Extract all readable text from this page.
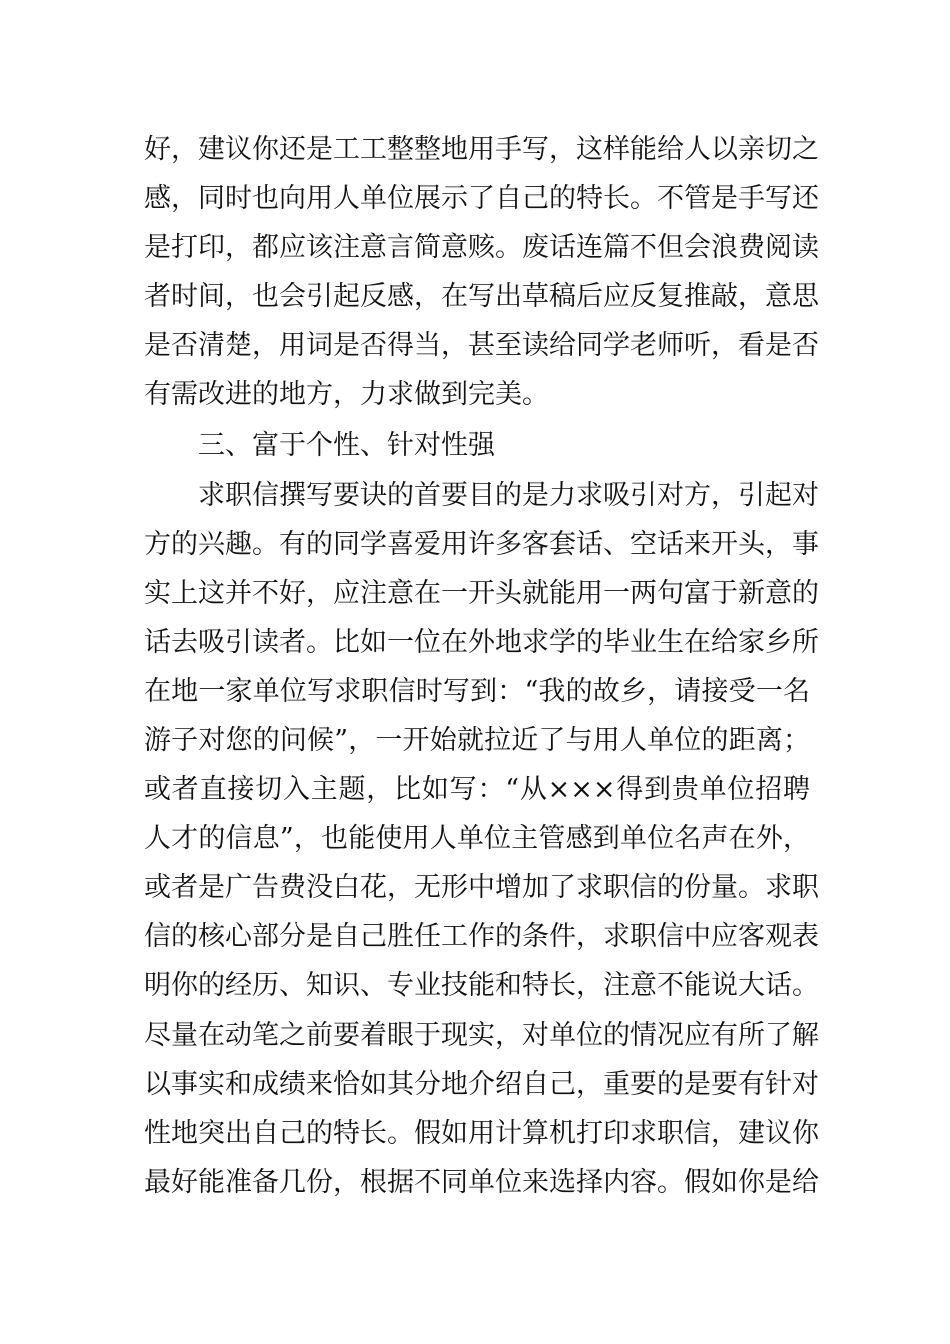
好，建议你还是工工整整地用手写，这样能给人以亲切之
感，同时也向用人单位展示了自己的特长。不管是手写还
是打印，都应该注意言简意赅。废话连篇不但会浪费阅读
者时间，也会引起反感，在写出草稿后应反复推敲，意思
是否清楚，用词是否得当，甚至读给同学老师听，看是否
有需改进的地方，力求做到完美。
三、富于个性、针对性强
求职信撰写要诀的首要目的是力求吸引对方，引起对
方的兴趣。有的同学喜爱用许多客套话、空话来开头，事
实上这并不好，应注意在一开头就能用一两句富于新意的
话去吸引读者。比如一位在外地求学的毕业生在给家乡所
在地一家单位写求职信时写到：“我的故乡，请接受一名
游子对您的问候”，一开始就拉近了与用人单位的距离；
或者直接切入主题，比如写：“从×××得到贵单位招聘
人才的信息”，也能使用人单位主管感到单位名声在外，
或者是广告费没白花，无形中增加了求职信的份量。求职
信的核心部分是自己胜任工作的条件，求职信中应客观表
明你的经历、知识、专业技能和特长，注意不能说大话。
尽量在动笔之前要着眼于现实，对单位的情况应有所了解
以事实和成绩来恰如其分地介绍自己，重要的是要有针对
性地突出自己的特长。假如用计算机打印求职信，建议你
最好能准备几份，根据不同单位来选择内容。假如你是给
